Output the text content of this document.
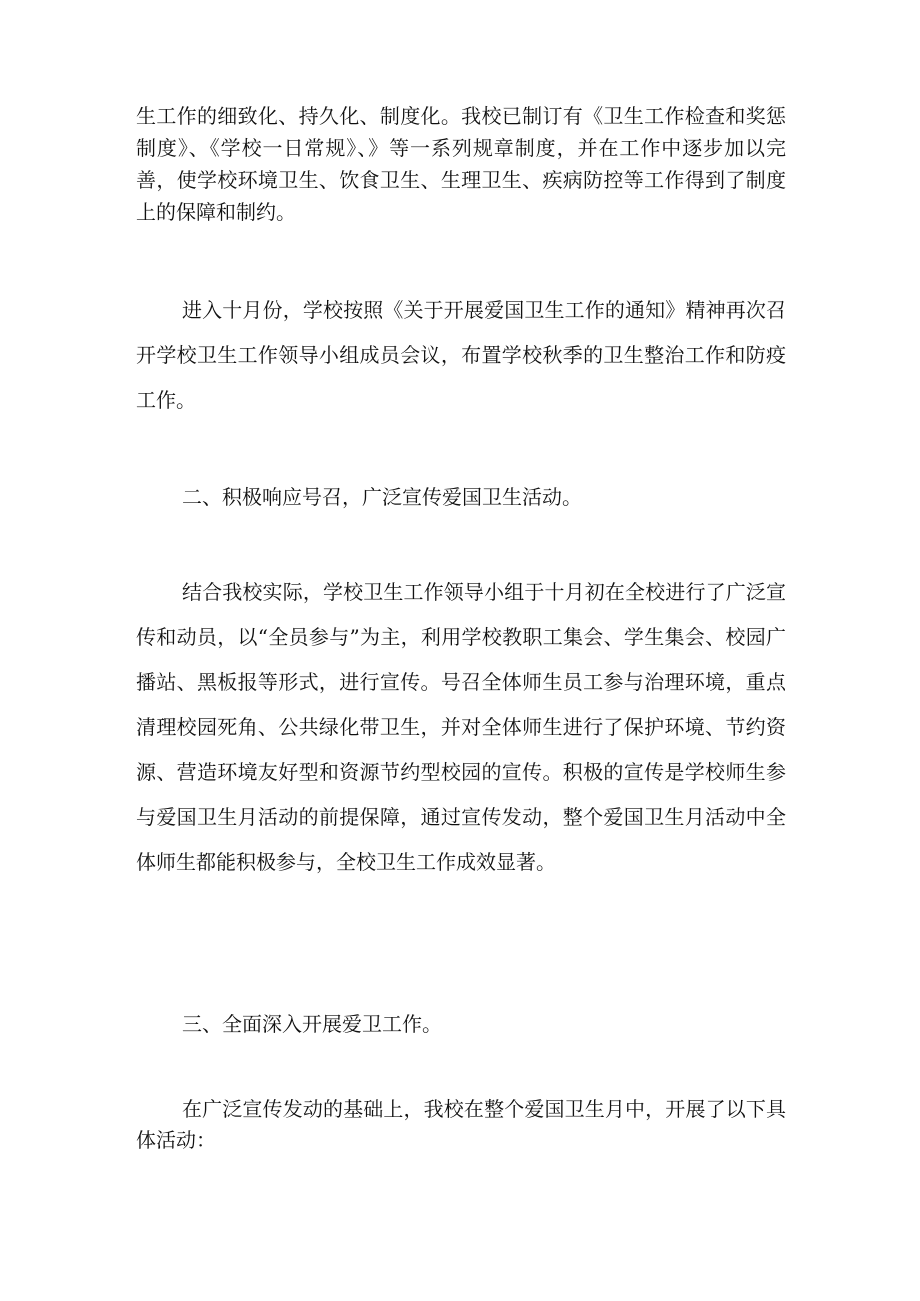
生工作的细致化、持久化、制度化。我校已制订有《卫生工作检查和奖惩制度》、《学校一日常规》、》等一系列规章制度，并在工作中逐步加以完善，使学校环境卫生、饮食卫生、生理卫生、疾病防控等工作得到了制度上的保障和制约。

进入十月份，学校按照《关于开展爱国卫生工作的通知》精神再次召开学校卫生工作领导小组成员会议，布置学校秋季的卫生整治工作和防疫工作。

二、积极响应号召，广泛宣传爱国卫生活动。

结合我校实际，学校卫生工作领导小组于十月初在全校进行了广泛宣传和动员，以“全员参与”为主，利用学校教职工集会、学生集会、校园广播站、黑板报等形式，进行宣传。号召全体师生员工参与治理环境，重点清理校园死角、公共绿化带卫生，并对全体师生进行了保护环境、节约资源、营造环境友好型和资源节约型校园的宣传。积极的宣传是学校师生参与爱国卫生月活动的前提保障，通过宣传发动，整个爱国卫生月活动中全体师生都能积极参与，全校卫生工作成效显著。

三、全面深入开展爱卫工作。

在广泛宣传发动的基础上，我校在整个爱国卫生月中，开展了以下具体活动：
